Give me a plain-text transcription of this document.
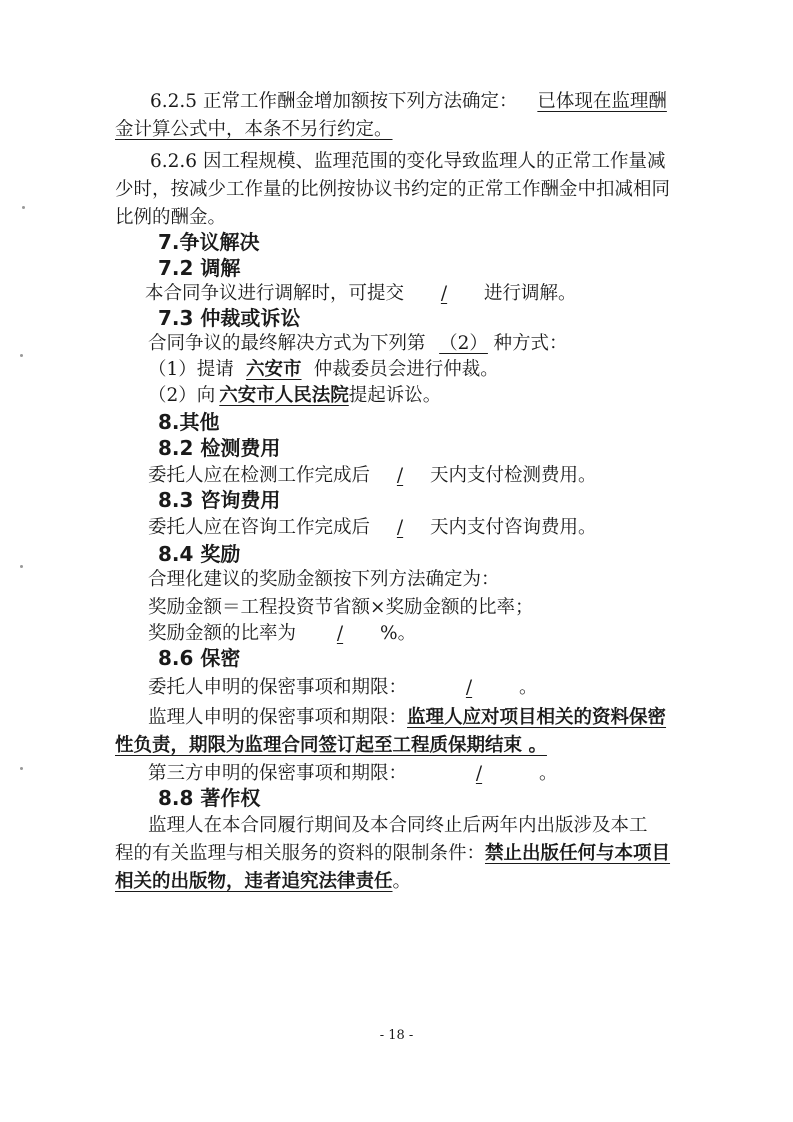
6.2.5 正常工作酬金增加额按下列方法确定： 已体现在监理酬
金计算公式中，本条不另行约定。
6.2.6 因工程规模、监理范围的变化导致监理人的正常工作量减
少时，按减少工作量的比例按协议书约定的正常工作酬金中扣减相同
比例的酬金。
7.争议解决
7.2 调解
本合同争议进行调解时，可提交 / 进行调解。
7.3 仲裁或诉讼
合同争议的最终解决方式为下列第 （2） 种方式：
（1）提请 六安市 仲裁委员会进行仲裁。
（2）向 六安市人民法院提起诉讼。
8.其他
8.2 检测费用
委托人应在检测工作完成后 / 天内支付检测费用。
8.3 咨询费用
委托人应在咨询工作完成后 / 天内支付咨询费用。
8.4 奖励
合理化建议的奖励金额按下列方法确定为：
奖励金额＝工程投资节省额×奖励金额的比率；
奖励金额的比率为 / %。
8.6 保密
委托人申明的保密事项和期限：	/	。
监理人申明的保密事项和期限：监理人应对项目相关的资料保密
性负责，期限为监理合同签订起至工程质保期结束 。
第三方申明的保密事项和期限：	/	。
8.8 著作权
监理人在本合同履行期间及本合同终止后两年内出版涉及本工
程的有关监理与相关服务的资料的限制条件：禁止出版任何与本项目
相关的出版物，违者追究法律责任。
- 18 -
